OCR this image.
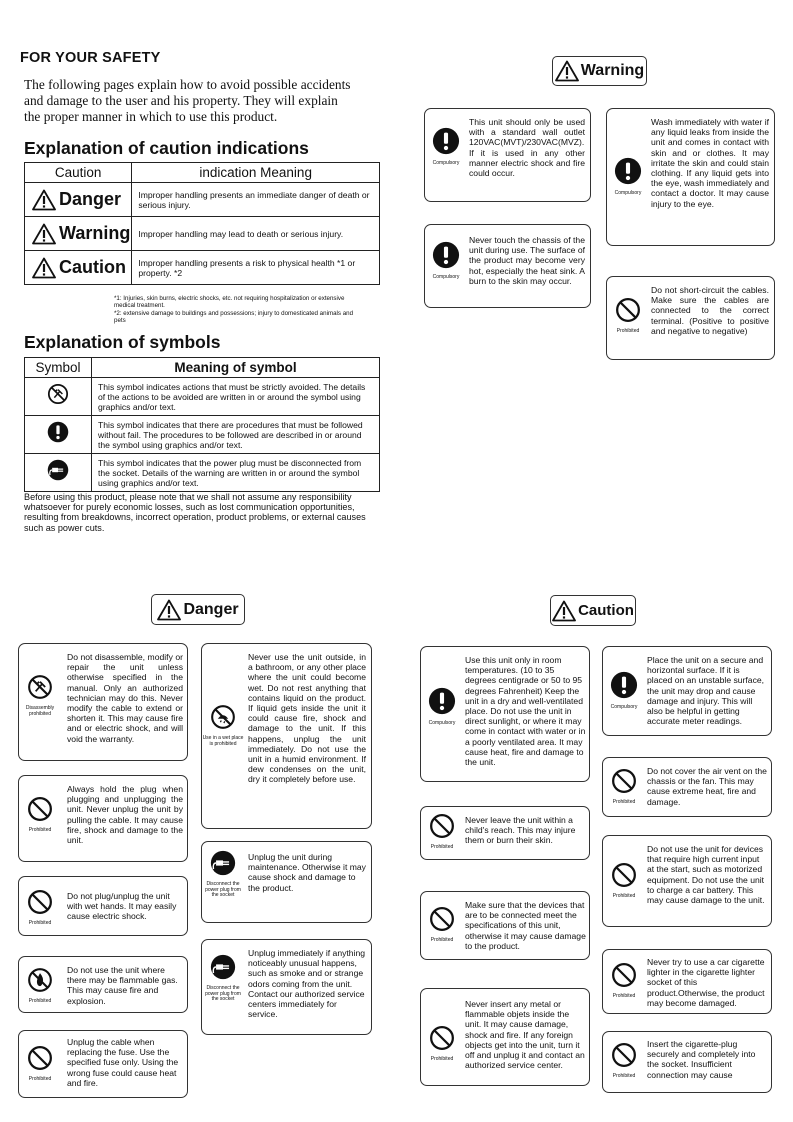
FOR YOUR SAFETY
The following pages explain how to avoid possible accidents
and damage to the user and his property. They will explain
the proper manner in which to use this product.
Explanation of caution indications
Caution	indication Meaning

Danger	Improper handling presents an immediate danger of death or serious injury.

Warning	Improper handling may lead to death or serious injury.

Caution	Improper handling presents a risk to physical health *1 or property. *2
*1: Injuries, skin burns, electric shocks, etc. not requiring hospitalization or extensive medical treatment.
*2: extensive damage to buildings and possessions; injury to domesticated animals and pets
Explanation of symbols
Symbol	Meaning of symbol
	This symbol indicates actions that must be strictly avoided. The details of the actions to be avoided are written in or around the symbol using graphics and/or text.
	This symbol indicates that there are procedures that must be followed without fail. The procedures to be followed are described in or around the symbol using graphics and/or text.
	This symbol indicates that the power plug must be disconnected from the socket. Details of the warning are written in or around the symbol using graphics and/or text.
Before using this product, please note that we shall not assume any responsibility whatsoever for purely economic losses, such as lost communication opportunities, resulting from breakdowns, incorrect operation, product problems, or external causes such as power cuts.
Warning
Compulsory
This unit should only be used with a standard wall outlet 120VAC(MVT)/230VAC(MVZ). If it is used in any other manner electric shock and fire could occur.
Compulsory
Never touch the chassis of the unit during use. The surface of the product may become very hot, especially the heat sink. A burn to the skin may occur.
Compulsory
Wash immediately with water if any liquid leaks from inside the unit and comes in contact with skin and or clothes. It may irritate the skin and could stain clothing. If any liquid gets into the eye, wash immediately and contact a doctor. It may cause injury to the eye.
Prohibited
Do not short-circuit the cables. Make sure the cables are connected to the correct terminal. (Positive to positive and negative to negative)
Danger
Disassembly prohibited
Do not disassemble, modify or repair the unit unless otherwise specified in the manual. Only an authorized technician may do this. Never modify the cable to extend or shorten it. This may cause fire and or electric shock, and will void the warranty.
Prohibited
Always hold the plug when plugging and unplugging the unit. Never unplug the unit by pulling the cable. It may cause fire, shock and damage to the unit.
Prohibited
Do not plug/unplug the unit with wet hands. It may easily cause electric shock.
Prohibited
Do not use the unit where there may be flammable gas. This may cause fire and explosion.
Prohibited
Unplug the cable when replacing the fuse. Use the specified fuse only. Using the wrong fuse could cause heat and fire.
Use in a wet place is prohibited
Never use the unit outside, in a bathroom, or any other place where the unit could become wet. Do not rest anything that contains liquid on the product. If liquid gets inside the unit it could cause fire, shock and damage to the unit. If this happens, unplug the unit immediately. Do not use the unit in a humid environment. If dew condenses on the unit, dry it completely before use.
Disconnect the power plug from the socket
Unplug the unit during maintenance. Otherwise it may cause shock and damage to the product.
Disconnect the power plug from the socket
Unplug immediately if anything noticeably unusual happens, such as smoke and or strange odors coming from the unit. Contact our authorized service centers immediately for service.
Caution
Compulsory
Use this unit only in room temperatures. (10 to 35 degrees centigrade or 50 to 95 degrees Fahrenheit) Keep the unit in a dry and well-ventilated place. Do not use the unit in direct sunlight, or where it may come in contact with water or in a poorly ventilated area. It may cause heat, fire and damage to the unit.
Prohibited
Never leave the unit within a child's reach. This may injure them or burn their skin.
Prohibited
Make sure that the devices that are to be connected meet the specifications of this unit, otherwise it may cause damage to the product.
Prohibited
Never insert any metal or flammable objets inside the unit. It may cause damage, shock and fire. If any foreign objects get into the unit, turn it off and unplug it and contact an authorized service center.
Compulsory
Place the unit on a secure and horizontal surface. If it is placed on an unstable surface, the unit may drop and cause damage and injury. This will also be helpful in getting accurate meter readings.
Prohibited
Do not cover the air vent on the chassis or the fan. This may cause extreme heat, fire and damage.
Prohibited
Do not use the unit for devices that require high current input at the start, such as motorized equipment. Do not use the unit to charge a car battery. This may cause damage to the unit.
Prohibited
Never try to use a car cigarette lighter in the cigarette lighter socket of this product.Otherwise, the product may become damaged.
Prohibited
Insert the cigarette-plug securely and completely into the socket. Insufficient connection may cause
